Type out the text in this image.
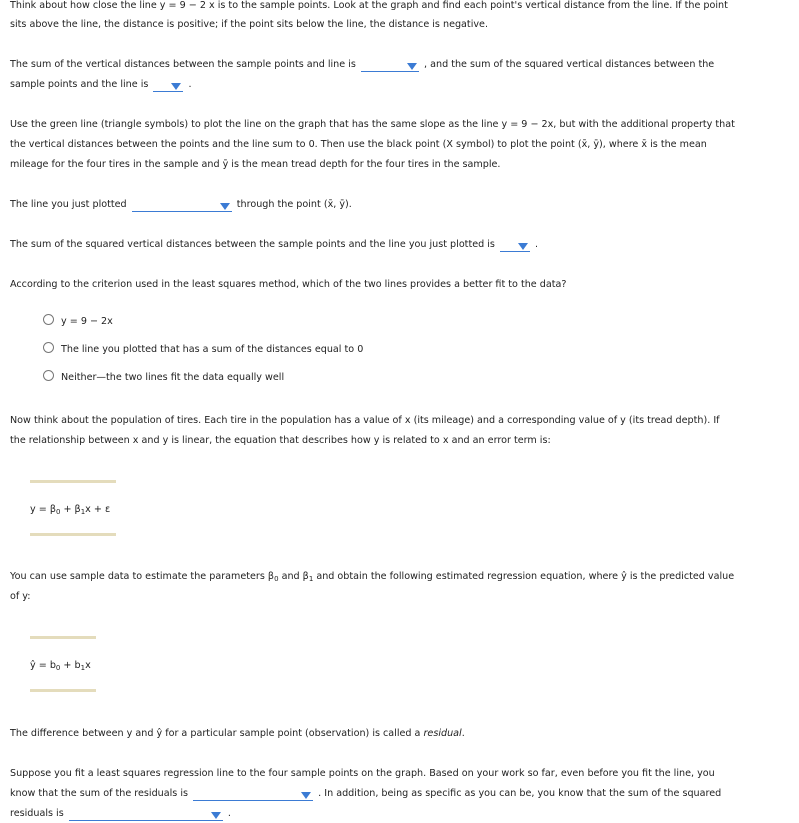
Think about how close the line y = 9 − 2 x is to the sample points. Look at the graph and find each point's vertical distance from the line. If the point
sits above the line, the distance is positive; if the point sits below the line, the distance is negative.
The sum of the vertical distances between the sample points and line is	, and the sum of the squared vertical distances between the
sample points and the line is	.
Use the green line (triangle symbols) to plot the line on the graph that has the same slope as the line y = 9 − 2x, but with the additional property that
the vertical distances between the points and the line sum to 0. Then use the black point (X symbol) to plot the point (x̄, ȳ), where x̄ is the mean
mileage for the four tires in the sample and ȳ is the mean tread depth for the four tires in the sample.
The line you just plotted	through the point (x̄, ȳ).
The sum of the squared vertical distances between the sample points and the line you just plotted is	.
According to the criterion used in the least squares method, which of the two lines provides a better fit to the data?
y = 9 − 2x
The line you plotted that has a sum of the distances equal to 0
Neither—the two lines fit the data equally well
Now think about the population of tires. Each tire in the population has a value of x (its mileage) and a corresponding value of y (its tread depth). If
the relationship between x and y is linear, the equation that describes how y is related to x and an error term is:
$y = \beta_0 + \beta_1x + \varepsilon$
You can use sample data to estimate the parameters $\beta_0$ and $\beta_1$ and obtain the following estimated regression equation, where ŷ is the predicted value
of y:
ŷ = $b_0 + b_1x$
The difference between y and ŷ for a particular sample point (observation) is called a residual.
Suppose you fit a least squares regression line to the four sample points on the graph. Based on your work so far, even before you fit the line, you
know that the sum of the residuals is	. In addition, being as specific as you can be, you know that the sum of the squared
residuals is	.
